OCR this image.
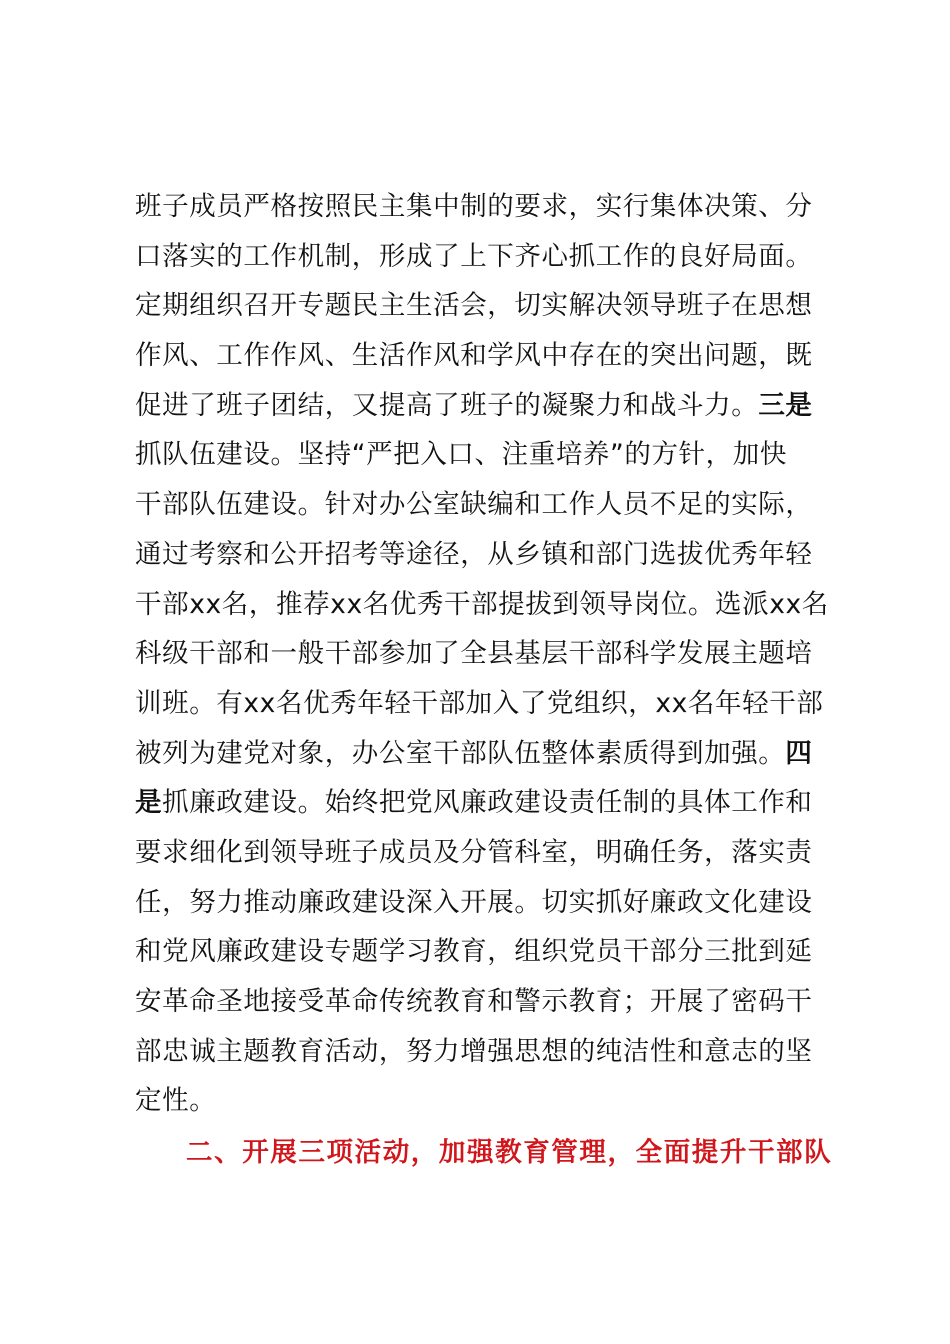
班子成员严格按照民主集中制的要求，实行集体决策、分
口落实的工作机制，形成了上下齐心抓工作的良好局面。
定期组织召开专题民主生活会，切实解决领导班子在思想
作风、工作作风、生活作风和学风中存在的突出问题，既
促进了班子团结，又提高了班子的凝聚力和战斗力。三是
抓队伍建设。坚持“严把入口、注重培养”的方针，加快
干部队伍建设。针对办公室缺编和工作人员不足的实际，
通过考察和公开招考等途径，从乡镇和部门选拔优秀年轻
干部xx名，推荐xx名优秀干部提拔到领导岗位。选派xx名
科级干部和一般干部参加了全县基层干部科学发展主题培
训班。有xx名优秀年轻干部加入了党组织，xx名年轻干部
被列为建党对象，办公室干部队伍整体素质得到加强。四
是抓廉政建设。始终把党风廉政建设责任制的具体工作和
要求细化到领导班子成员及分管科室，明确任务，落实责
任，努力推动廉政建设深入开展。切实抓好廉政文化建设
和党风廉政建设专题学习教育，组织党员干部分三批到延
安革命圣地接受革命传统教育和警示教育；开展了密码干
部忠诚主题教育活动，努力增强思想的纯洁性和意志的坚
定性。
二、开展三项活动，加强教育管理，全面提升干部队
